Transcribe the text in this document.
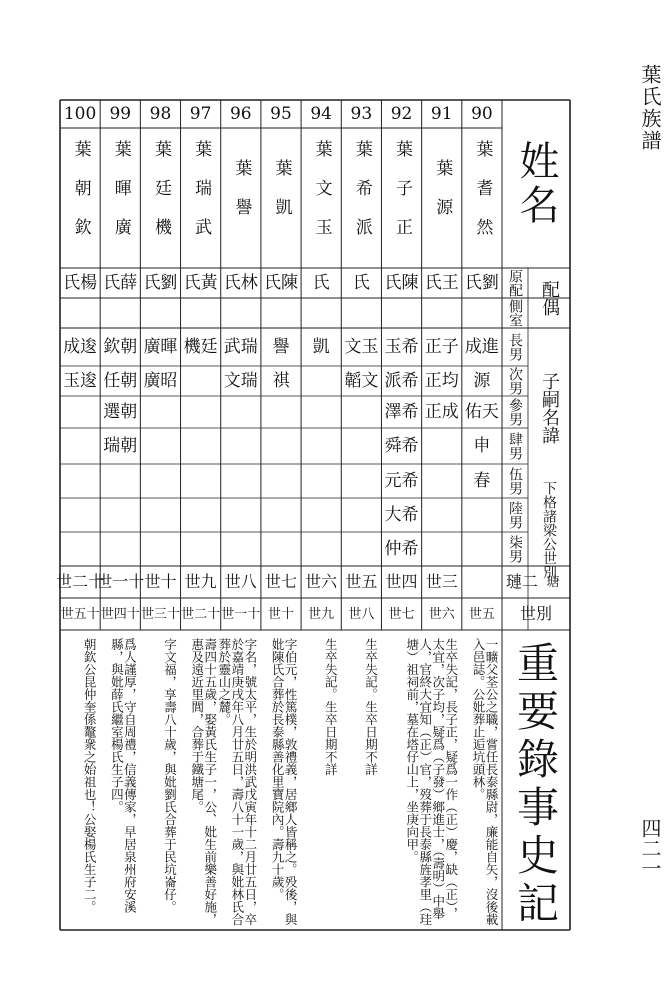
葉氏族譜
姓名
配偶
原配
側室
子嗣名諱
下格諸梁公世別
長男
次男
參男
肆男
伍男
陸男
柒男
璉二 瑭
世別
90
葉耆然
氏劉
成進
源
佑天
申
春
世五
一曠父荃公之職，嘗任長泰縣尉，廉能自矢，沒後載入邑誌。公妣葬止逅坑頭林。
91
葉源
氏王
正子
正均
正成
世三
世六
生卒失記，長子正，疑爲一作（正）慶，缺（正），太宜，次子均，疑爲（子發）鄉進士，（壽明）中舉人，官終大宜知（正）官，歿葬于長泰縣旌孝里（珪塘）祖祠前，墓在塔仔山上，坐庚向甲。
92
葉子正
氏陳
玉希
派希
澤希
舜希
元希
大希
仲希
世四
世七
93
葉希派
氏
文玉
韜文
世五
世八
生卒失記。生卒日期不詳
94
葉文玉
氏
凱
世六
世九
生卒失記。生卒日期不詳
95
葉凱
氏陳
譽
祺
世七
世十
字伯元，性篤樸，敦禮義，居鄉人皆稱之。殁後，與妣陳氏合葬於長泰縣善化里寶院內。壽九十歲。
96
葉譽
氏林
武瑞
文瑞
世八
世一十
字名，號太平，生於明洪武戊寅年十二月廿五日，卒於嘉靖庚戌年八月廿五日，壽八十一歲，與妣林氏合葬於靈山之麓。
97
葉瑞武
氏黃
機廷
世九
世二十
壽四十五歲，娶黃氏生子一，公、妣生前樂善好施，惠及遠近里閭，合葬于鐵塘尾。
98
葉廷機
氏劉
廣暉
廣昭
世十
世三十
字文福，享壽八十歲，與妣劉氏合葬于民坑崙仔。
99
葉暉廣
氏薛
欽朝
任朝
選朝
瑞朝
世一十
世四十
爲人謹厚，守自周禮，信義傳家，早居泉州府安溪縣，與妣薛氏繼室楊氏生子四。
100
葉朝欽
氏楊
成逡
玉逡
世二十
世五十
朝欽公昆仲奎係鼇衆之始祖也！公娶楊氏生子二。	重要錄事史記	四二一
